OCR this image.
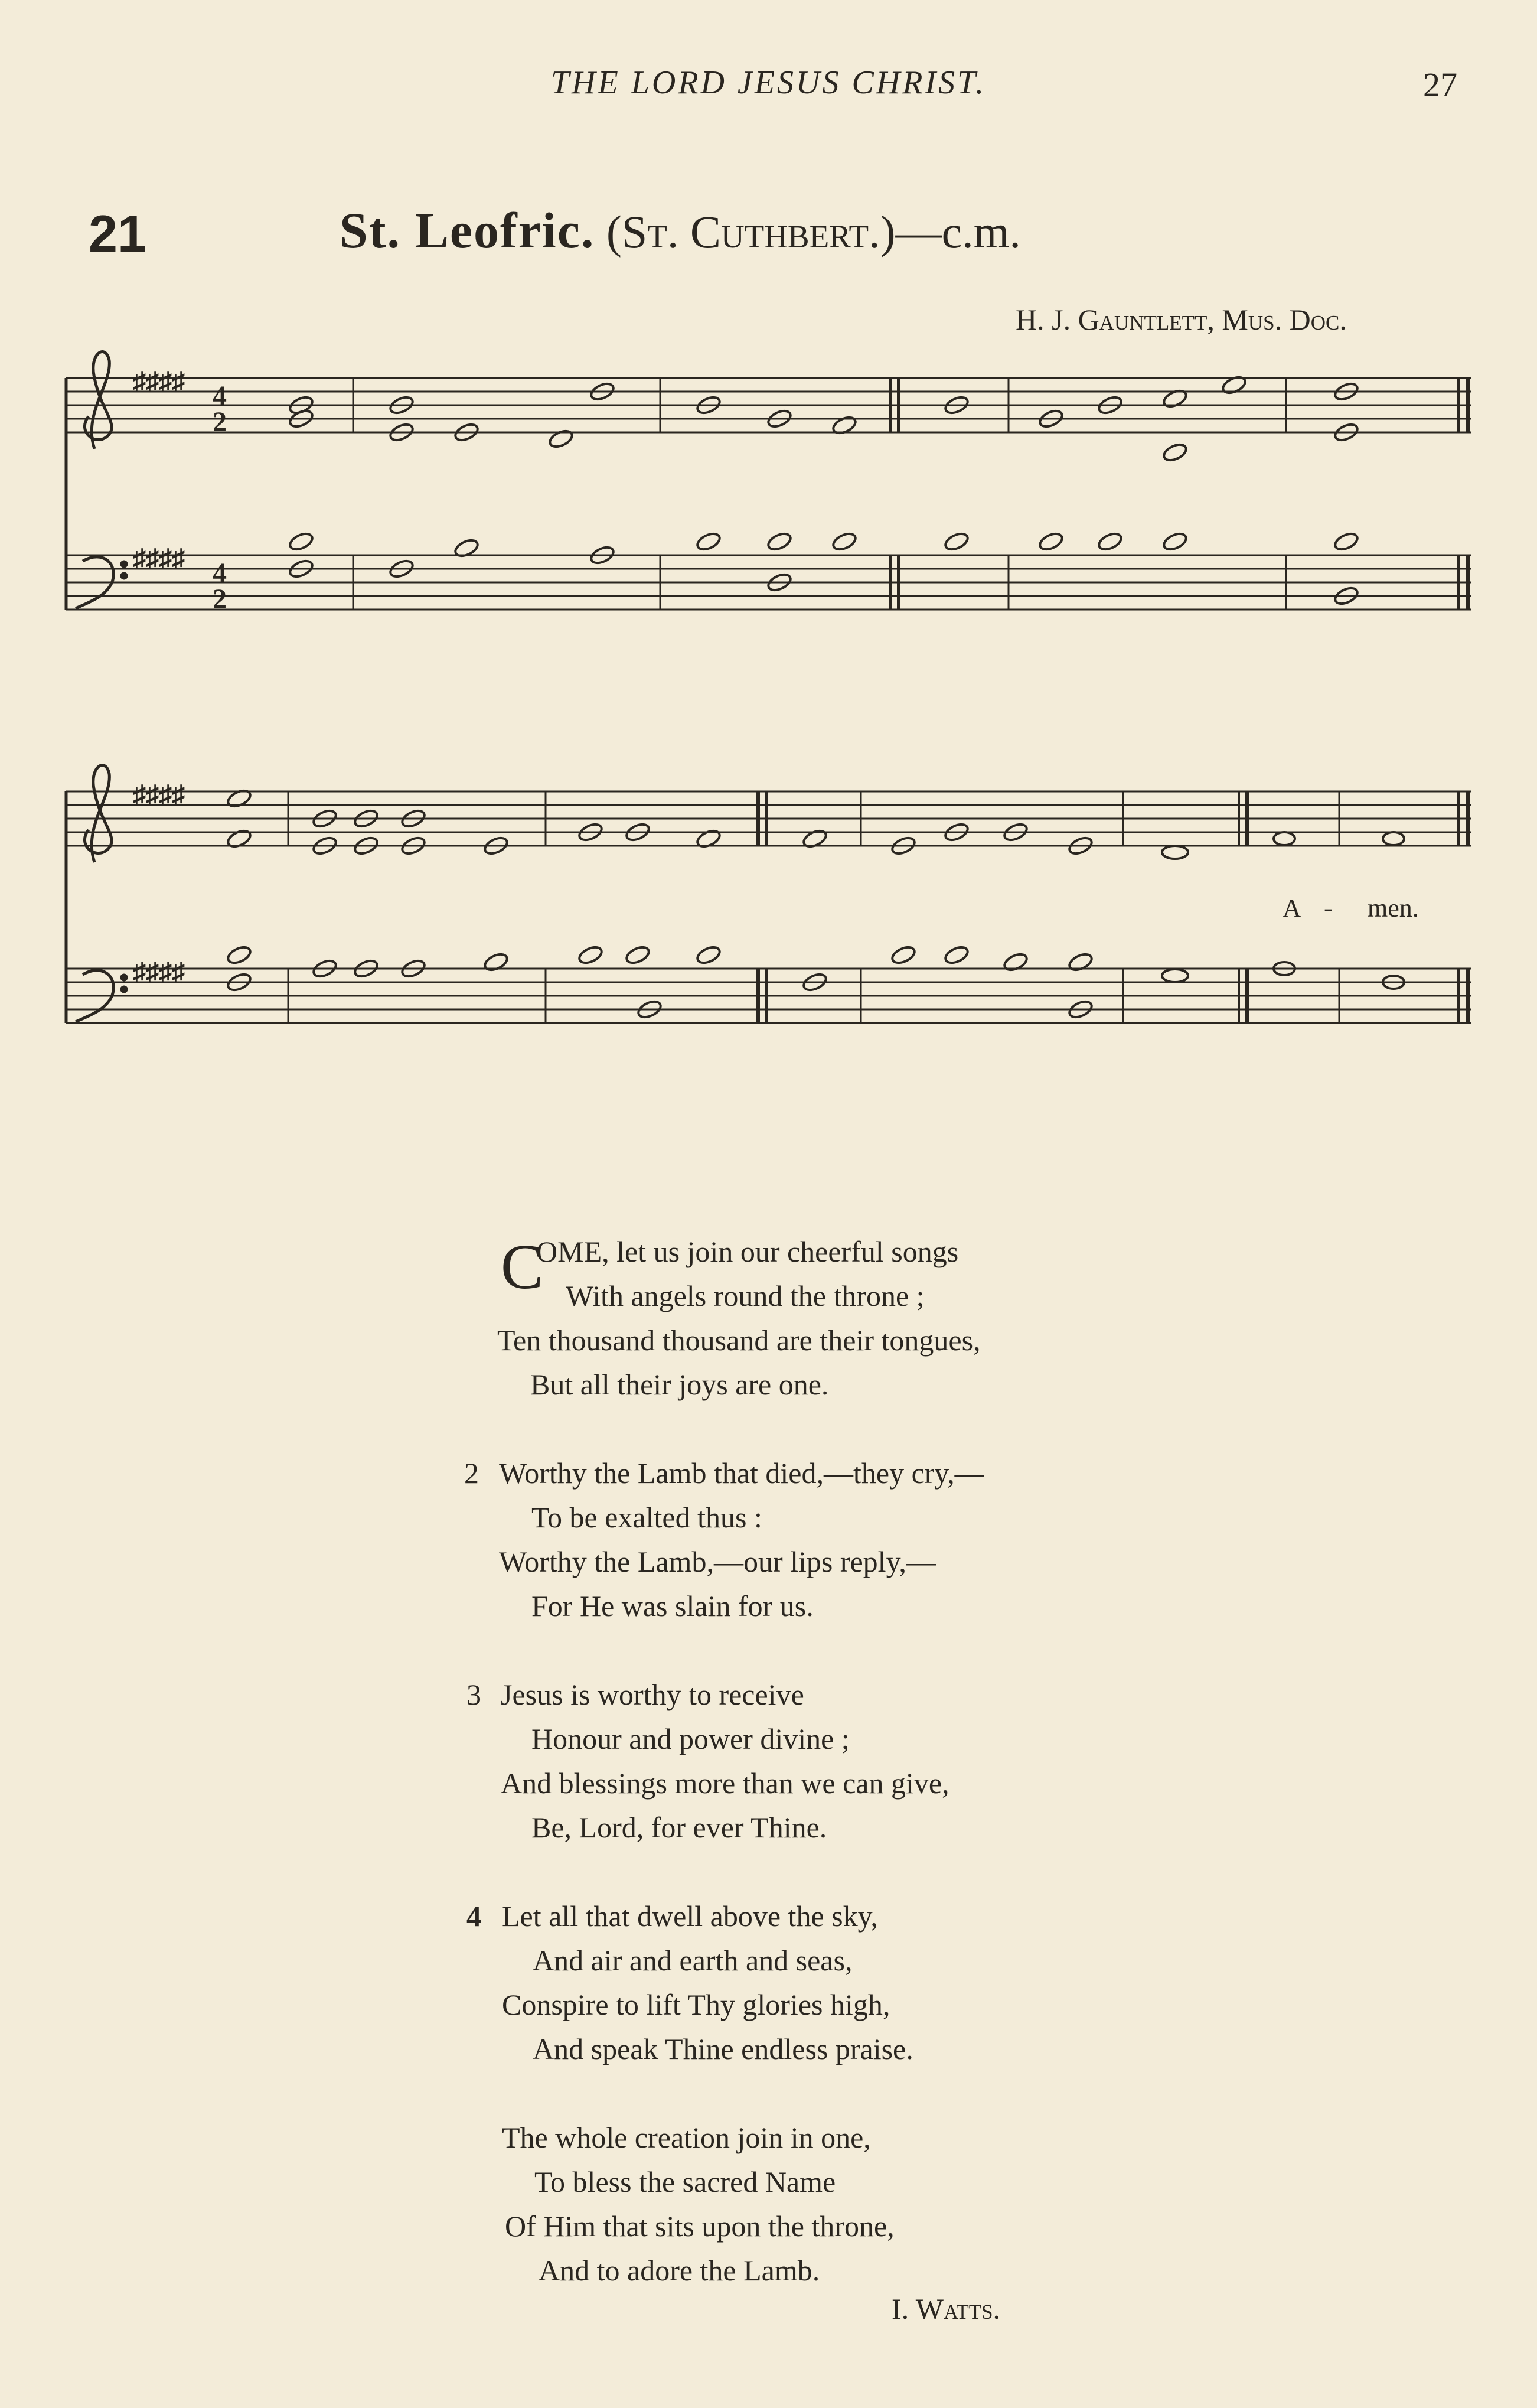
THE LORD JESUS CHRIST.	27
21	St. Leofric. (St. Cuthbert.)—c.m.
H. J. Gauntlett, Mus. Doc.
♯♯♯♯ 4
2
♯♯♯♯ 4
2
♯♯♯♯
♯♯♯♯
A - men.
C
OME, let us join our cheerful songs
With angels round the throne ;
Ten thousand thousand are their tongues,
But all their joys are one.
2 Worthy the Lamb that died,—they cry,—
To be exalted thus :
Worthy the Lamb,—our lips reply,—
For He was slain for us.
3 Jesus is worthy to receive
Honour and power divine ;
And blessings more than we can give,
Be, Lord, for ever Thine.
4 Let all that dwell above the sky,
And air and earth and seas,
Conspire to lift Thy glories high,
And speak Thine endless praise.
The whole creation join in one,
To bless the sacred Name
Of Him that sits upon the throne,
And to adore the Lamb.
I. Watts.
